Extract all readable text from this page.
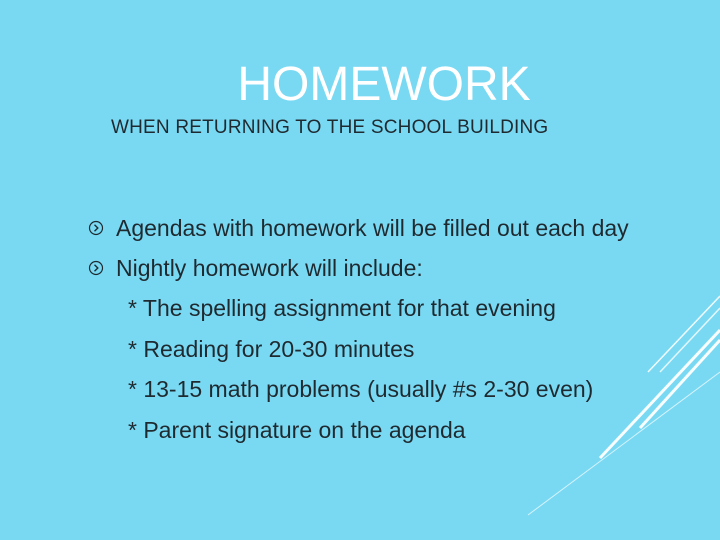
HOMEWORK
WHEN RETURNING TO THE SCHOOL BUILDING
Agendas with homework will be filled out each day
Nightly homework will include:
* The spelling assignment for that evening
* Reading for 20-30 minutes
* 13-15 math problems (usually #s 2-30 even)
* Parent signature on the agenda
